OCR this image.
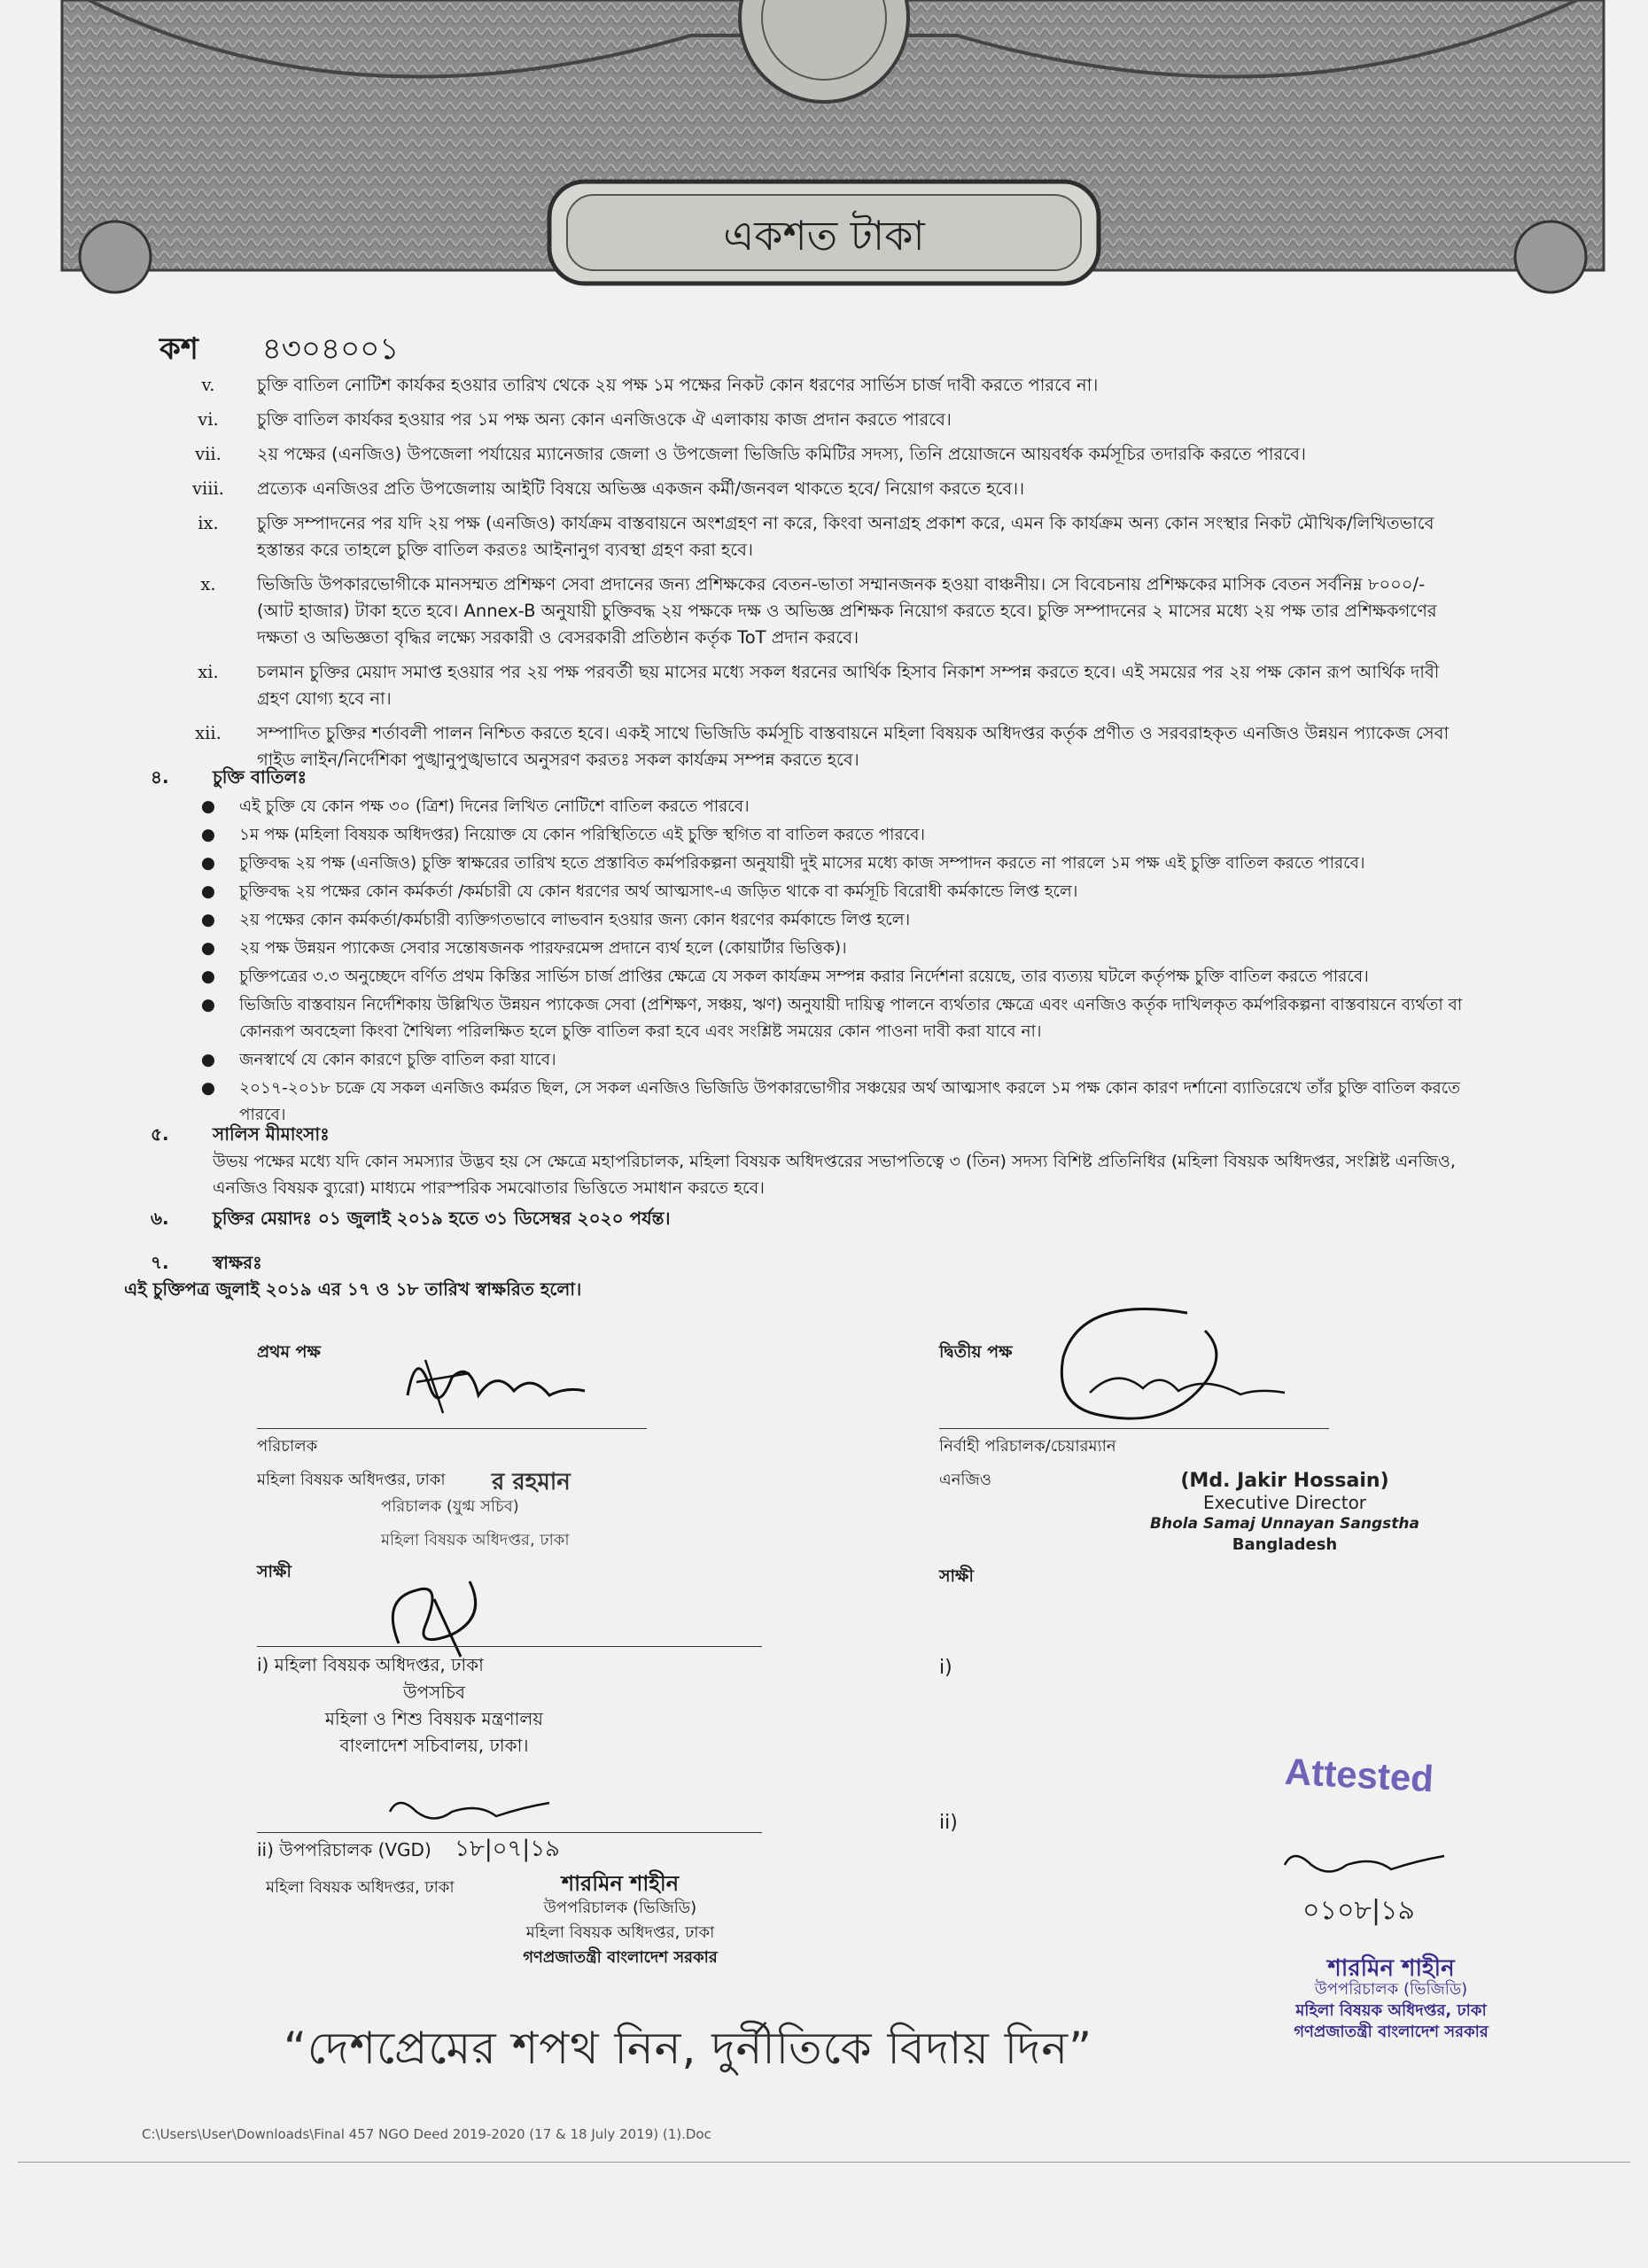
একশত টাকা
কশ ৪৩০৪০০১
v.	চুক্তি বাতিল নোটিশ কার্যকর হওয়ার তারিখ থেকে ২য় পক্ষ ১ম পক্ষের নিকট কোন ধরণের সার্ভিস চার্জ দাবী করতে পারবে না।
vi.	চুক্তি বাতিল কার্যকর হওয়ার পর ১ম পক্ষ অন্য কোন এনজিওকে ঐ এলাকায় কাজ প্রদান করতে পারবে।
vii.	২য় পক্ষের (এনজিও) উপজেলা পর্যায়ের ম্যানেজার জেলা ও উপজেলা ভিজিডি কমিটির সদস্য, তিনি প্রয়োজনে আয়বর্ধক কর্মসূচির তদারকি করতে পারবে।
viii.	প্রত্যেক এনজিওর প্রতি উপজেলায় আইটি বিষয়ে অভিজ্ঞ একজন কর্মী/জনবল থাকতে হবে/ নিয়োগ করতে হবে।।
ix.	চুক্তি সম্পাদনের পর যদি ২য় পক্ষ (এনজিও) কার্যক্রম বাস্তবায়নে অংশগ্রহণ না করে, কিংবা অনাগ্রহ প্রকাশ করে, এমন কি কার্যক্রম অন্য কোন সংস্থার নিকট মৌখিক/লিখিতভাবে হস্তান্তর করে তাহলে চুক্তি বাতিল করতঃ আইনানুগ ব্যবস্থা গ্রহণ করা হবে।
x.	ভিজিডি উপকারভোগীকে মানসম্মত প্রশিক্ষণ সেবা প্রদানের জন্য প্রশিক্ষকের বেতন-ভাতা সম্মানজনক হওয়া বাঞ্চনীয়। সে বিবেচনায় প্রশিক্ষকের মাসিক বেতন সর্বনিম্ন ৮০০০/- (আট হাজার) টাকা হতে হবে। Annex-B অনুযায়ী চুক্তিবদ্ধ ২য় পক্ষকে দক্ষ ও অভিজ্ঞ প্রশিক্ষক নিয়োগ করতে হবে। চুক্তি সম্পাদনের ২ মাসের মধ্যে ২য় পক্ষ তার প্রশিক্ষকগণের দক্ষতা ও অভিজ্ঞতা বৃদ্ধির লক্ষ্যে সরকারী ও বেসরকারী প্রতিষ্ঠান কর্তৃক ToT প্রদান করবে।
xi.	চলমান চুক্তির মেয়াদ সমাপ্ত হওয়ার পর ২য় পক্ষ পরবর্তী ছয় মাসের মধ্যে সকল ধরনের আর্থিক হিসাব নিকাশ সম্পন্ন করতে হবে। এই সময়ের পর ২য় পক্ষ কোন রূপ আর্থিক দাবী গ্রহণ যোগ্য হবে না।
xii.	সম্পাদিত চুক্তির শর্তাবলী পালন নিশ্চিত করতে হবে। একই সাথে ভিজিডি কর্মসূচি বাস্তবায়নে মহিলা বিষয়ক অধিদপ্তর কর্তৃক প্রণীত ও সরবরাহকৃত এনজিও উন্নয়ন প্যাকেজ সেবা গাইড লাইন/নির্দেশিকা পুঙ্খানুপুঙ্খভাবে অনুসরণ করতঃ সকল কার্যক্রম সম্পন্ন করতে হবে।
৪. চুক্তি বাতিলঃ
●	এই চুক্তি যে কোন পক্ষ ৩০ (ত্রিশ) দিনের লিখিত নোটিশে বাতিল করতে পারবে।
●	১ম পক্ষ (মহিলা বিষয়ক অধিদপ্তর) নিয়োক্ত যে কোন পরিস্থিতিতে এই চুক্তি স্থগিত বা বাতিল করতে পারবে।
●	চুক্তিবদ্ধ ২য় পক্ষ (এনজিও) চুক্তি স্বাক্ষরের তারিখ হতে প্রস্তাবিত কর্মপরিকল্পনা অনুযায়ী দুই মাসের মধ্যে কাজ সম্পাদন করতে না পারলে ১ম পক্ষ এই চুক্তি বাতিল করতে পারবে।
●	চুক্তিবদ্ধ ২য় পক্ষের কোন কর্মকর্তা /কর্মচারী যে কোন ধরণের অর্থ আত্মসাৎ-এ জড়িত থাকে বা কর্মসূচি বিরোধী কর্মকান্ডে লিপ্ত হলে।
●	২য় পক্ষের কোন কর্মকর্তা/কর্মচারী ব্যক্তিগতভাবে লাভবান হওয়ার জন্য কোন ধরণের কর্মকান্ডে লিপ্ত হলে।
●	২য় পক্ষ উন্নয়ন প্যাকেজ সেবার সন্তোষজনক পারফরমেন্স প্রদানে ব্যর্থ হলে (কোয়ার্টার ভিত্তিক)।
●	চুক্তিপত্রের ৩.৩ অনুচ্ছেদে বর্ণিত প্রথম কিস্তির সার্ভিস চার্জ প্রাপ্তির ক্ষেত্রে যে সকল কার্যক্রম সম্পন্ন করার নির্দেশনা রয়েছে, তার ব্যত্যয় ঘটলে কর্তৃপক্ষ চুক্তি বাতিল করতে পারবে।
●	ভিজিডি বাস্তবায়ন নির্দেশিকায় উল্লিখিত উন্নয়ন প্যাকেজ সেবা (প্রশিক্ষণ, সঞ্চয়, ঋণ) অনুযায়ী দায়িত্ব পালনে ব্যর্থতার ক্ষেত্রে এবং এনজিও কর্তৃক দাখিলকৃত কর্মপরিকল্পনা বাস্তবায়নে ব্যর্থতা বা কোনরূপ অবহেলা কিংবা শৈথিল্য পরিলক্ষিত হলে চুক্তি বাতিল করা হবে এবং সংশ্লিষ্ট সময়ের কোন পাওনা দাবী করা যাবে না।
●	জনস্বার্থে যে কোন কারণে চুক্তি বাতিল করা যাবে।
●	২০১৭-২০১৮ চক্রে যে সকল এনজিও কর্মরত ছিল, সে সকল এনজিও ভিজিডি উপকারভোগীর সঞ্চয়ের অর্থ আত্মসাৎ করলে ১ম পক্ষ কোন কারণ দর্শানো ব্যাতিরেখে তাঁর চুক্তি বাতিল করতে পারবে।
৫. সালিস মীমাংসাঃ
উভয় পক্ষের মধ্যে যদি কোন সমস্যার উদ্ভব হয় সে ক্ষেত্রে মহাপরিচালক, মহিলা বিষয়ক অধিদপ্তরের সভাপতিত্বে ৩ (তিন) সদস্য বিশিষ্ট প্রতিনিধির (মহিলা বিষয়ক অধিদপ্তর, সংশ্লিষ্ট এনজিও, এনজিও বিষয়ক ব্যুরো) মাধ্যমে পারস্পরিক সমঝোতার ভিত্তিতে সমাধান করতে হবে।
৬. চুক্তির মেয়াদঃ ০১ জুলাই ২০১৯ হতে ৩১ ডিসেম্বর ২০২০ পর্যন্ত।
৭. স্বাক্ষরঃ
এই চুক্তিপত্র জুলাই ২০১৯ এর ১৭ ও ১৮ তারিখ স্বাক্ষরিত হলো।
প্রথম পক্ষ
পরিচালক
মহিলা বিষয়ক অধিদপ্তর, ঢাকা র রহমান
পরিচালক (যুগ্ম সচিব)
মহিলা বিষয়ক অধিদপ্তর, ঢাকা
দ্বিতীয় পক্ষ
নির্বাহী পরিচালক/চেয়ারম্যান
এনজিও	(Md. Jakir Hossain)
Executive Director
Bhola Samaj Unnayan Sangstha
Bangladesh
সাক্ষী
i) মহিলা বিষয়ক অধিদপ্তর, ঢাকা
উপসচিব
মহিলা ও শিশু বিষয়ক মন্ত্রণালয়
বাংলাদেশ সচিবালয়, ঢাকা।
ii) উপপরিচালক (VGD) ১৮|০৭|১৯
মহিলা বিষয়ক অধিদপ্তর, ঢাকা	শারমিন শাহীন
উপপরিচালক (ভিজিডি)
মহিলা বিষয়ক অধিদপ্তর, ঢাকা
গণপ্রজাতন্ত্রী বাংলাদেশ সরকার
সাক্ষী
i)
ii)
Attested
০১০৮|১৯
শারমিন শাহীন
উপপরিচালক (ভিজিডি)
মহিলা বিষয়ক অধিদপ্তর, ঢাকা
গণপ্রজাতন্ত্রী বাংলাদেশ সরকার
“দেশপ্রেমের শপথ নিন, দুর্নীতিকে বিদায় দিন”
C:\Users\User\Downloads\Final 457 NGO Deed 2019-2020 (17 & 18 July 2019) (1).Doc
